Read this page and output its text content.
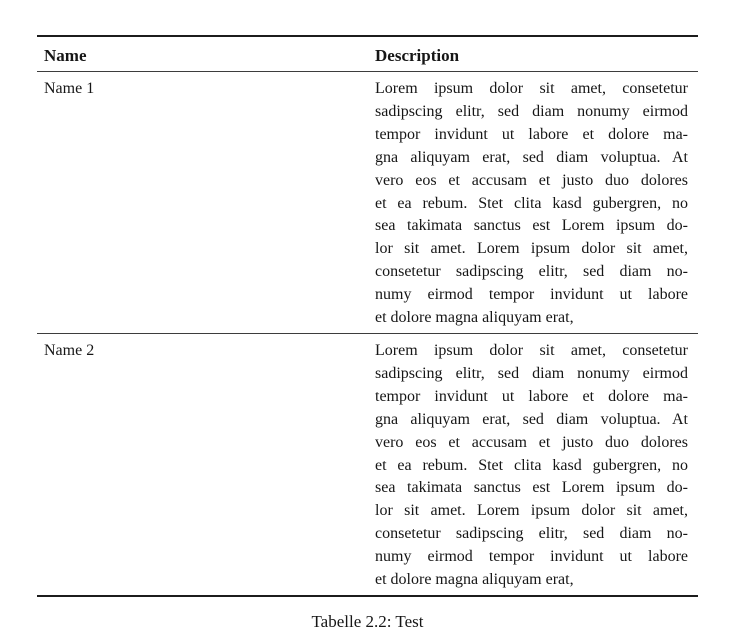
Name	Description
Name 1	Lorem ipsum dolor sit amet, consetetur
sadipscing elitr, sed diam nonumy eirmod
tempor invidunt ut labore et dolore ma-
gna aliquyam erat, sed diam voluptua. At
vero eos et accusam et justo duo dolores
et ea rebum. Stet clita kasd gubergren, no
sea takimata sanctus est Lorem ipsum do-
lor sit amet. Lorem ipsum dolor sit amet,
consetetur sadipscing elitr, sed diam no-
numy eirmod tempor invidunt ut labore
et dolore magna aliquyam erat,
Name 2	Lorem ipsum dolor sit amet, consetetur
sadipscing elitr, sed diam nonumy eirmod
tempor invidunt ut labore et dolore ma-
gna aliquyam erat, sed diam voluptua. At
vero eos et accusam et justo duo dolores
et ea rebum. Stet clita kasd gubergren, no
sea takimata sanctus est Lorem ipsum do-
lor sit amet. Lorem ipsum dolor sit amet,
consetetur sadipscing elitr, sed diam no-
numy eirmod tempor invidunt ut labore
et dolore magna aliquyam erat,
Tabelle 2.2: Test
